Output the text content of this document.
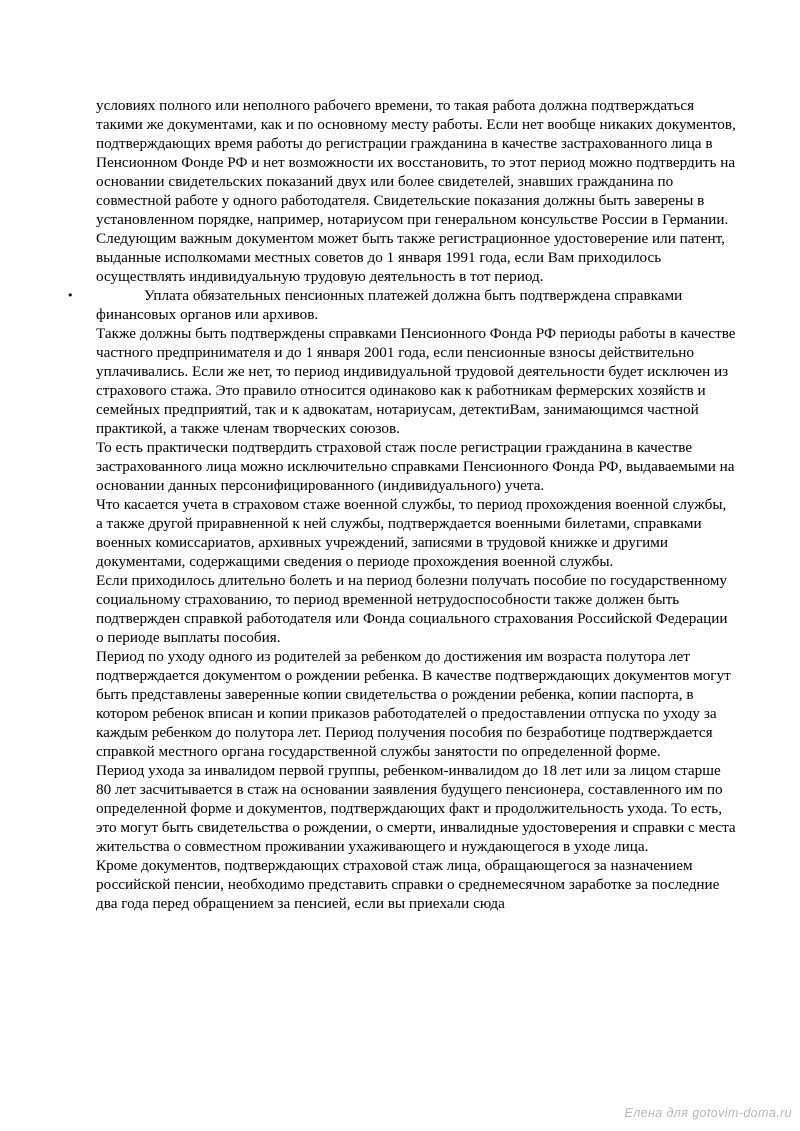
условиях полного или неполного рабочего времени, то такая работа должна подтверждаться такими же документами, как и по основному месту работы. Если нет вообще никаких документов, подтверждающих время работы до регистрации гражданина в качестве застрахованного лица в Пенсионном Фонде РФ и нет возможности их восстановить, то этот период можно подтвердить на основании свидетельских показаний двух или более свидетелей, знавших гражданина по совместной работе у одного работодателя. Свидетельские показания должны быть заверены в установленном порядке, например, нотариусом при генеральном консульстве России в Германии.

Следующим важным документом может быть также регистрационное удостоверение или патент, выданные исполкомами местных советов до 1 января 1991 года, если Вам приходилось осуществлять индивидуальную трудовую деятельность в тот период.

•	Уплата обязательных пенсионных платежей должна быть подтверждена справками финансовых органов или архивов.

Также должны быть подтверждены справками Пенсионного Фонда РФ периоды работы в качестве частного предпринимателя и до 1 января 2001 года, если пенсионные взносы действительно уплачивались. Если же нет, то период индивидуальной трудовой деятельности будет исключен из страхового стажа. Это правило относится одинаково как к работникам фермерских хозяйств и семейных предприятий, так и к адвокатам, нотариусам, детектиВам, занимающимся частной практикой, а также членам творческих союзов.

То есть практически подтвердить страховой стаж после регистрации гражданина в качестве застрахованного лица можно исключительно справками Пенсионного Фонда РФ, выдаваемыми на основании данных персонифицированного (индивидуального) учета.

Что касается учета в страховом стаже военной службы, то период прохождения военной службы, а также другой приравненной к ней службы, подтверждается военными билетами, справками военных комиссариатов, архивных учреждений, записями в трудовой книжке и другими документами, содержащими сведения о периоде прохождения военной службы.

Если приходилось длительно болеть и на период болезни получать пособие по государственному социальному страхованию, то период временной нетрудоспособности также должен быть подтвержден справкой работодателя или Фонда социального страхования Российской Федерации о периоде выплаты пособия.

Период по уходу одного из родителей за ребенком до достижения им возраста полутора лет подтверждается документом о рождении ребенка. В качестве подтверждающих документов могут быть представлены заверенные копии свидетельства о рождении ребенка, копии паспорта, в котором ребенок вписан и копии приказов работодателей о предоставлении отпуска по уходу за каждым ребенком до полутора лет. Период получения пособия по безработице подтверждается справкой местного органа государственной службы занятости по определенной форме.

Период ухода за инвалидом первой группы, ребенком-инвалидом до 18 лет или за лицом старше 80 лет засчитывается в стаж на основании заявления будущего пенсионера, составленного им по определенной форме и документов, подтверждающих факт и продолжительность ухода. То есть, это могут быть свидетельства о рождении, о смерти, инвалидные удостоверения и справки с места жительства о совместном проживании ухаживающего и нуждающегося в уходе лица.

Кроме документов, подтверждающих страховой стаж лица, обращающегося за назначением российской пенсии, необходимо представить справки о среднемесячном заработке за последние два года перед обращением за пенсией, если вы приехали сюда

Елена для gotovim-doma.ru
